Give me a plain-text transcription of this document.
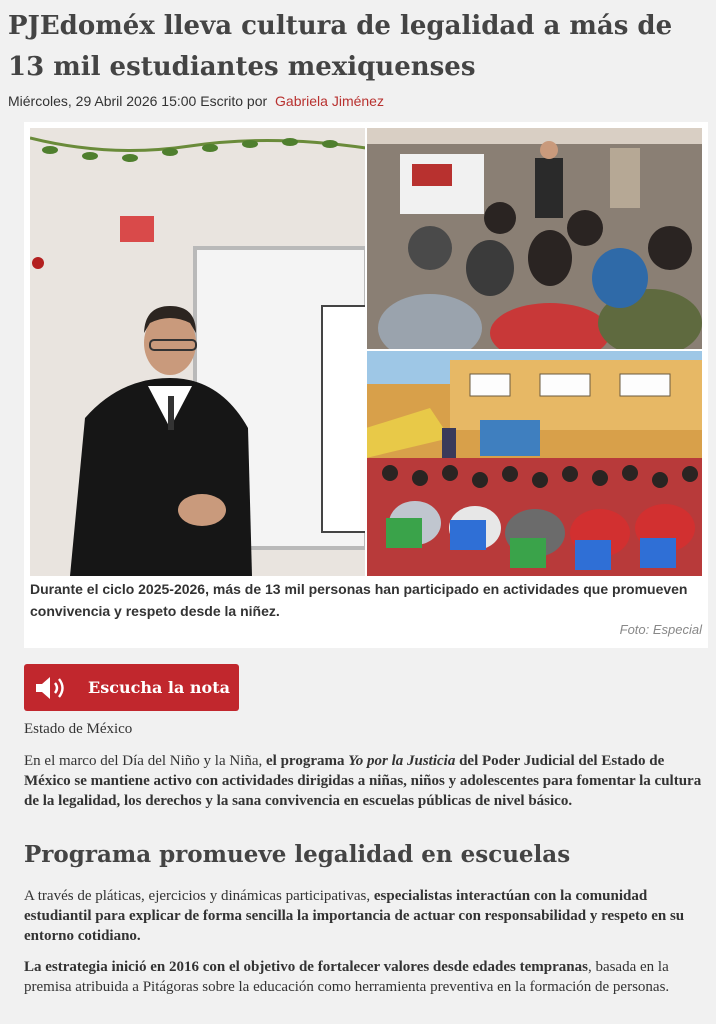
PJEdoméx lleva cultura de legalidad a más de 13 mil estudiantes mexiquenses
Miércoles, 29 Abril 2026 15:00 Escrito por Gabriela Jiménez
Durante el ciclo 2025-2026, más de 13 mil personas han participado en actividades que promueven convivencia y respeto desde la niñez.
Foto: Especial
Escucha la nota
Estado de México

En el marco del Día del Niño y la Niña, el programa Yo por la Justicia del Poder Judicial del Estado de México se mantiene activo con actividades dirigidas a niñas, niños y adolescentes para fomentar la cultura de la legalidad, los derechos y la sana convivencia en escuelas públicas de nivel básico.

Programa promueve legalidad en escuelas

A través de pláticas, ejercicios y dinámicas participativas, especialistas interactúan con la comunidad estudiantil para explicar de forma sencilla la importancia de actuar con responsabilidad y respeto en su entorno cotidiano.

La estrategia inició en 2016 con el objetivo de fortalecer valores desde edades tempranas, basada en la premisa atribuida a Pitágoras sobre la educación como herramienta preventiva en la formación de personas.
